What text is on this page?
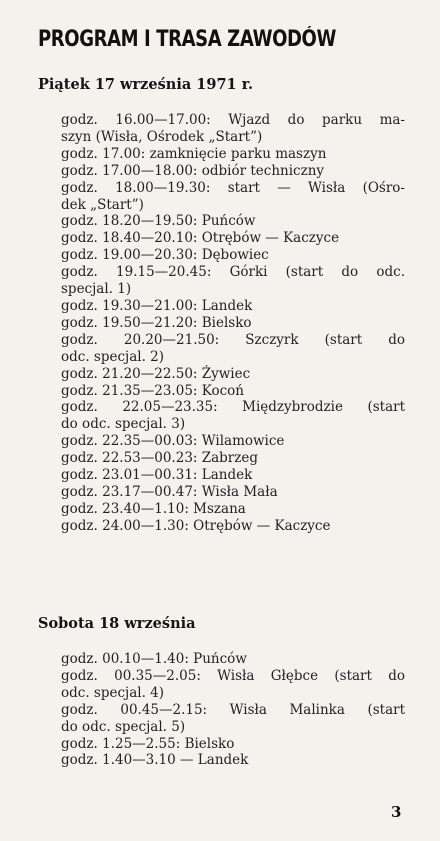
PROGRAM I TRASA ZAWODÓW
Piątek 17 września 1971 r.
godz. 16.00—17.00: Wjazd do parku ma-
szyn (Wisła, Ośrodek „Start”)
godz. 17.00: zamknięcie parku maszyn
godz. 17.00—18.00: odbiór techniczny
godz. 18.00—19.30: start — Wisła (Ośro-
dek „Start”)
godz. 18.20—19.50: Puńców
godz. 18.40—20.10: Otrębów — Kaczyce
godz. 19.00—20.30: Dębowiec
godz. 19.15—20.45: Górki (start do odc.
specjal. 1)
godz. 19.30—21.00: Landek
godz. 19.50—21.20: Bielsko
godz. 20.20—21.50: Szczyrk (start do
odc. specjal. 2)
godz. 21.20—22.50: Żywiec
godz. 21.35—23.05: Kocoń
godz. 22.05—23.35: Międzybrodzie (start
do odc. specjal. 3)
godz. 22.35—00.03: Wilamowice
godz. 22.53—00.23: Zabrzeg
godz. 23.01—00.31: Landek
godz. 23.17—00.47: Wisła Mała
godz. 23.40—1.10: Mszana
godz. 24.00—1.30: Otrębów — Kaczyce
Sobota 18 września
godz. 00.10—1.40: Puńców
godz. 00.35—2.05: Wisła Głębce (start do
odc. specjal. 4)
godz. 00.45—2.15: Wisła Malinka (start
do odc. specjal. 5)
godz. 1.25—2.55: Bielsko
godz. 1.40—3.10 — Landek
3
